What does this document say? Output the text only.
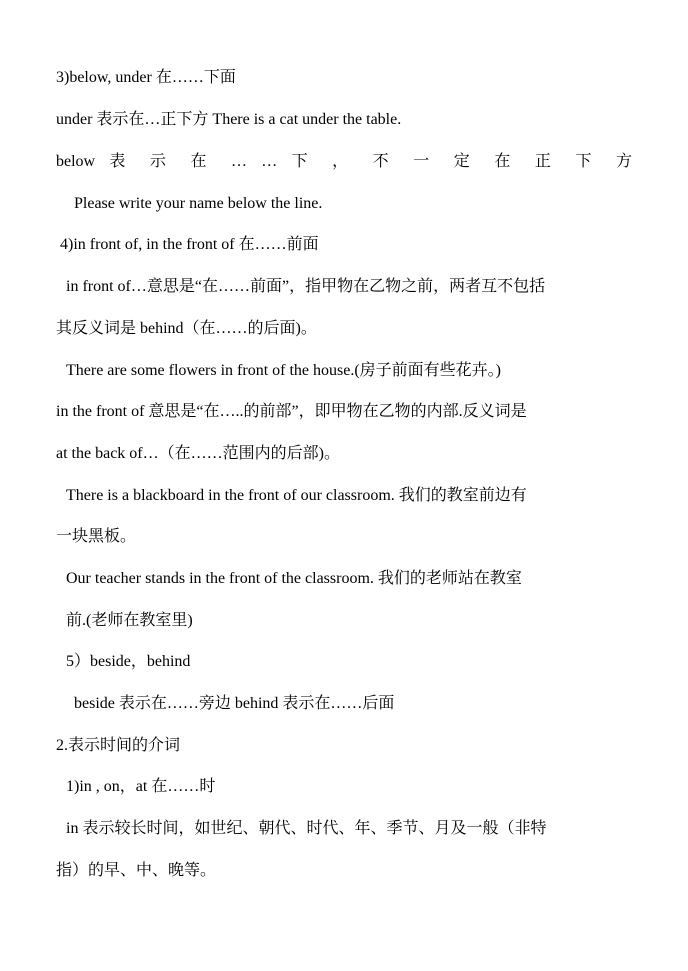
3)below, under 在……下面
under 表示在…正下方 There is a cat under the table.
below 表 示 在 … … 下 ， 不 一 定 在 正 下 方
Please write your name below the line.
4)in front of, in the front of 在……前面
in front of…意思是“在……前面”，指甲物在乙物之前，两者互不包括
其反义词是 behind（在……的后面)。
There are some flowers in front of the house.(房子前面有些花卉。)
in the front of 意思是“在…..的前部”，即甲物在乙物的内部.反义词是
at the back of…（在……范围内的后部)。
There is a blackboard in the front of our classroom. 我们的教室前边有
一块黑板。
Our teacher stands in the front of the classroom. 我们的老师站在教室
前.(老师在教室里)
5）beside，behind
beside 表示在……旁边 behind 表示在……后面
2.表示时间的介词
1)in , on，at 在……时
in 表示较长时间，如世纪、朝代、时代、年、季节、月及一般（非特
指）的早、中、晚等。
